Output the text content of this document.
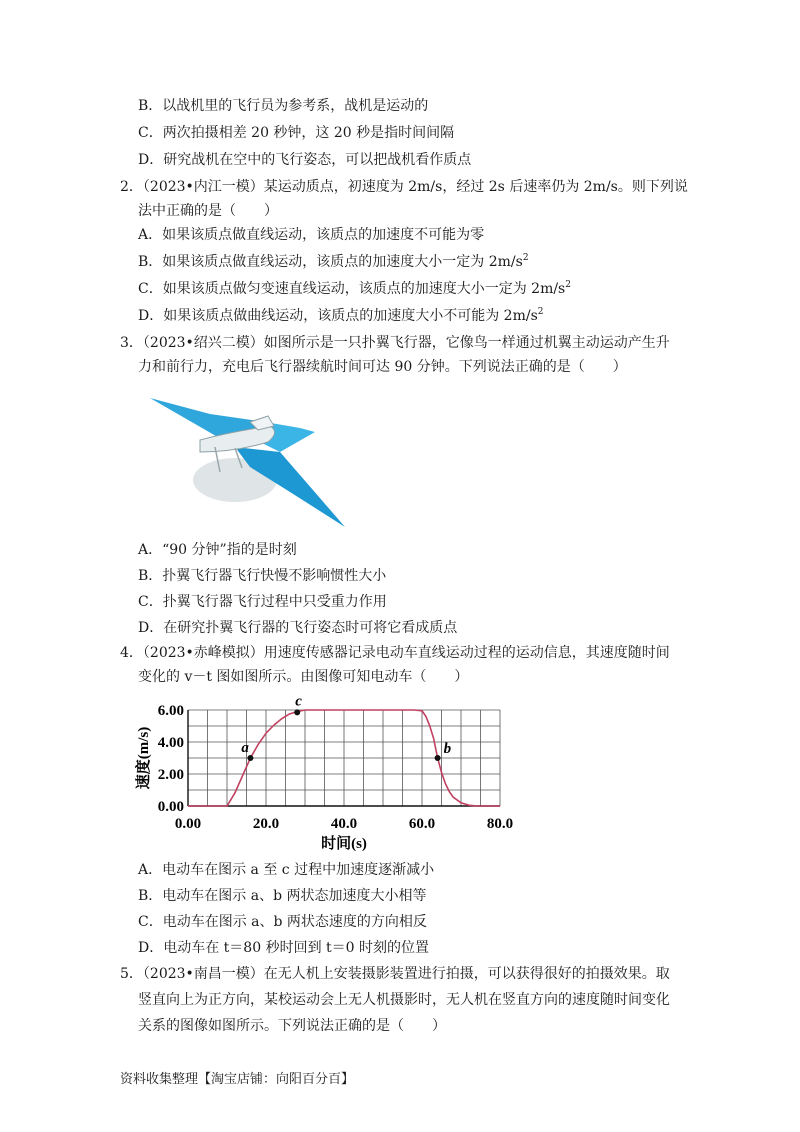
B．以战机里的飞行员为参考系，战机是运动的
C．两次拍摄相差 20 秒钟，这 20 秒是指时间间隔
D．研究战机在空中的飞行姿态，可以把战机看作质点
2．（2023•内江一模）某运动质点，初速度为 2m/s，经过 2s 后速率仍为 2m/s。则下列说
法中正确的是（　　）
A．如果该质点做直线运动，该质点的加速度不可能为零
B．如果该质点做直线运动，该质点的加速度大小一定为 $2m/s^2$
C．如果该质点做匀变速直线运动，该质点的加速度大小一定为 $2m/s^2$
D．如果该质点做曲线运动，该质点的加速度大小不可能为 $2m/s^2$
3．（2023•绍兴二模）如图所示是一只扑翼飞行器，它像鸟一样通过机翼主动运动产生升
力和前行力，充电后飞行器续航时间可达 90 分钟。下列说法正确的是（　　）
A．“90 分钟”指的是时刻
B．扑翼飞行器飞行快慢不影响惯性大小
C．扑翼飞行器飞行过程中只受重力作用
D．在研究扑翼飞行器的飞行姿态时可将它看成质点
4．（2023•赤峰模拟）用速度传感器记录电动车直线运动过程的运动信息，其速度随时间
变化的 v－t 图如图所示。由图像可知电动车（　　）
0.00	20.0	40.0	60.0	80.0
0.00
2.00
4.00
6.00
a
c
b
时间(s)
速度(m/s)
A．电动车在图示 a 至 c 过程中加速度逐渐减小
B．电动车在图示 a、b 两状态加速度大小相等
C．电动车在图示 a、b 两状态速度的方向相反
D．电动车在 t＝80 秒时回到 t＝0 时刻的位置
5．（2023•南昌一模）在无人机上安装摄影装置进行拍摄，可以获得很好的拍摄效果。取
竖直向上为正方向，某校运动会上无人机摄影时，无人机在竖直方向的速度随时间变化
关系的图像如图所示。下列说法正确的是（　　）
资料收集整理【淘宝店铺：向阳百分百】
